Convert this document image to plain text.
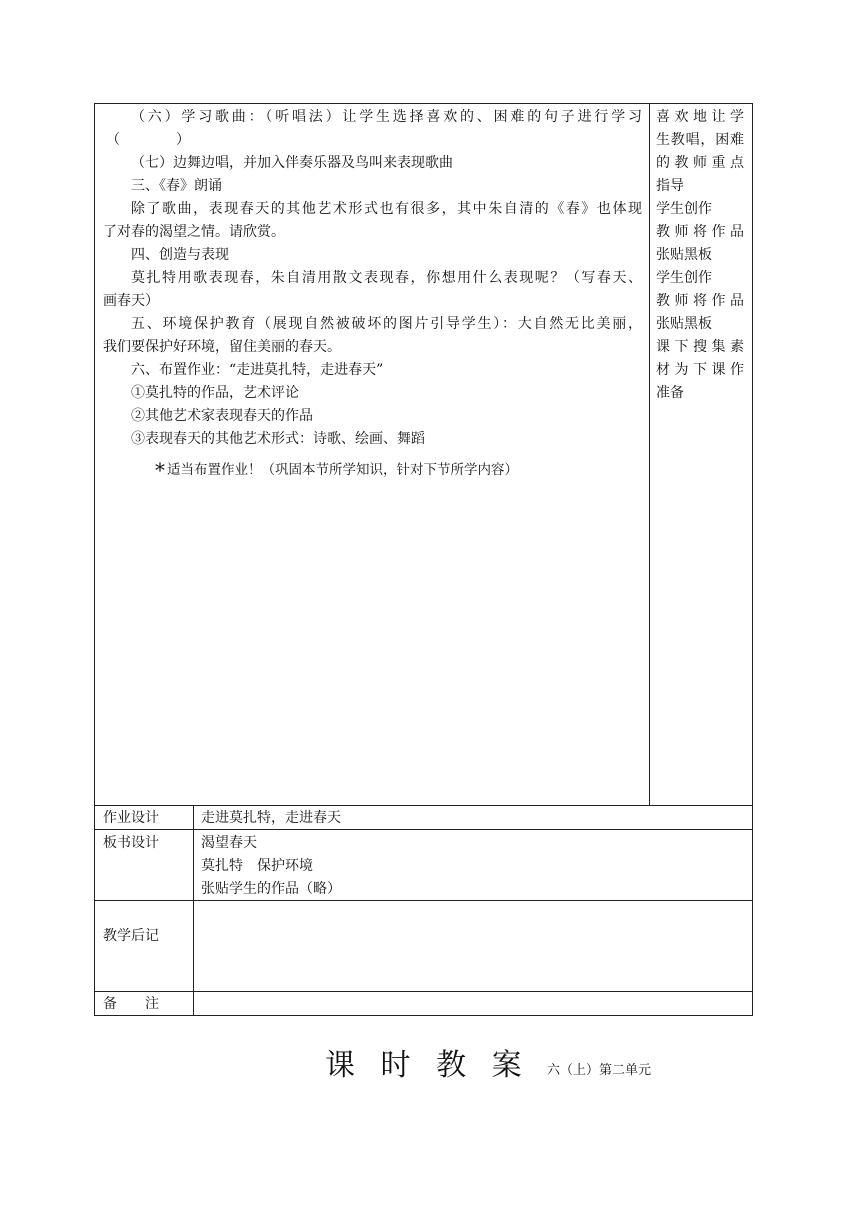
（六）学习歌曲：（听唱法）让学生选择喜欢的、困难的句子进行学习
（　　　　）
（七）边舞边唱，并加入伴奏乐器及鸟叫来表现歌曲
三、《春》朗诵
除了歌曲，表现春天的其他艺术形式也有很多，其中朱自清的《春》也体现
了对春的渴望之情。请欣赏。
四、创造与表现
莫扎特用歌表现春，朱自清用散文表现春，你想用什么表现呢？（写春天、
画春天）
五、环境保护教育（展现自然被破坏的图片引导学生）：大自然无比美丽，
我们要保护好环境，留住美丽的春天。
六、布置作业：“走进莫扎特，走进春天”
①莫扎特的作品，艺术评论
②其他艺术家表现春天的作品
③表现春天的其他艺术形式：诗歌、绘画、舞蹈
* 适当布置作业！（巩固本节所学知识，针对下节所学内容）
喜欢地让学
生教唱，困难
的教师重点
指导
学生创作
教师将作品
张贴黑板
学生创作
教师将作品
张贴黑板
课下搜集素
材为下课作
准备
作业设计	走进莫扎特，走进春天
板书设计	渴望春天
莫扎特　保护环境
张贴学生的作品（略）
教学后记
备　　注
课 时 教 案 六（上）第二单元
